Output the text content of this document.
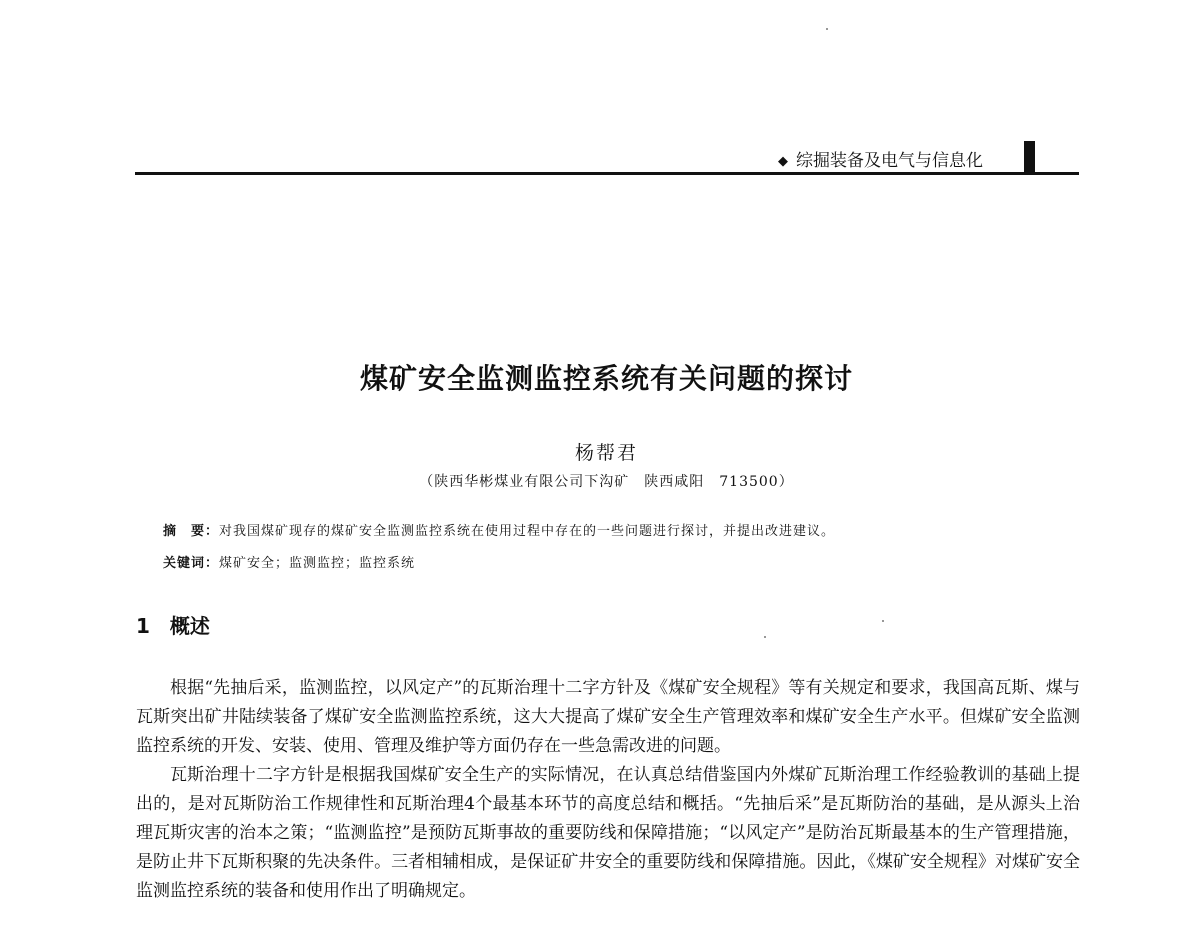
◆ 综掘装备及电气与信息化
煤矿安全监测监控系统有关问题的探讨
杨帮君
（陕西华彬煤业有限公司下沟矿　陕西咸阳　713500）
摘　要：对我国煤矿现存的煤矿安全监测监控系统在使用过程中存在的一些问题进行探讨，并提出改进建议。
关键词：煤矿安全；监测监控；监控系统
1 概述

根据“先抽后采，监测监控，以风定产”的瓦斯治理十二字方针及《煤矿安全规程》等有关规定和要求，我国高瓦斯、煤与瓦斯突出矿井陆续装备了煤矿安全监测监控系统，这大大提高了煤矿安全生产管理效率和煤矿安全生产水平。但煤矿安全监测监控系统的开发、安装、使用、管理及维护等方面仍存在一些急需改进的问题。

瓦斯治理十二字方针是根据我国煤矿安全生产的实际情况，在认真总结借鉴国内外煤矿瓦斯治理工作经验教训的基础上提出的，是对瓦斯防治工作规律性和瓦斯治理4个最基本环节的高度总结和概括。“先抽后采”是瓦斯防治的基础，是从源头上治理瓦斯灾害的治本之策；“监测监控”是预防瓦斯事故的重要防线和保障措施；“以风定产”是防治瓦斯最基本的生产管理措施，是防止井下瓦斯积聚的先决条件。三者相辅相成，是保证矿井安全的重要防线和保障措施。因此，《煤矿安全规程》对煤矿安全监测监控系统的装备和使用作出了明确规定。
